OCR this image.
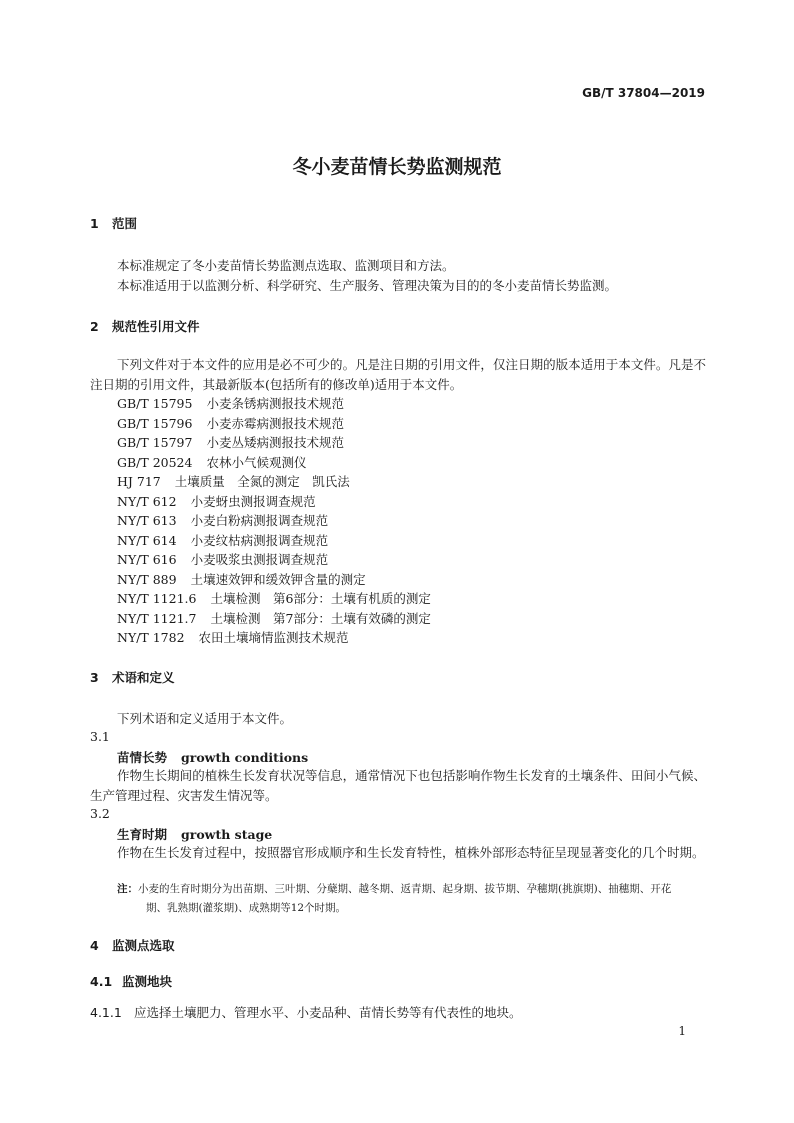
GB/T 37804—2019
冬小麦苗情长势监测规范
1 范围
本标准规定了冬小麦苗情长势监测点选取、监测项目和方法。
本标准适用于以监测分析、科学研究、生产服务、管理决策为目的的冬小麦苗情长势监测。
2 规范性引用文件
下列文件对于本文件的应用是必不可少的。凡是注日期的引用文件，仅注日期的版本适用于本文件。凡是不注日期的引用文件，其最新版本(包括所有的修改单)适用于本文件。
GB/T 15795 小麦条锈病测报技术规范
GB/T 15796 小麦赤霉病测报技术规范
GB/T 15797 小麦丛矮病测报技术规范
GB/T 20524 农林小气候观测仪
HJ 717 土壤质量　全氮的测定　凯氏法
NY/T 612 小麦蚜虫测报调查规范
NY/T 613 小麦白粉病测报调查规范
NY/T 614 小麦纹枯病测报调查规范
NY/T 616 小麦吸浆虫测报调查规范
NY/T 889 土壤速效钾和缓效钾含量的测定
NY/T 1121.6 土壤检测　第6部分：土壤有机质的测定
NY/T 1121.7 土壤检测　第7部分：土壤有效磷的测定
NY/T 1782 农田土壤墒情监测技术规范
3 术语和定义
下列术语和定义适用于本文件。
3.1
苗情长势 growth conditions
作物生长期间的植株生长发育状况等信息，通常情况下也包括影响作物生长发育的土壤条件、田间小气候、生产管理过程、灾害发生情况等。
3.2
生育时期 growth stage
作物在生长发育过程中，按照器官形成顺序和生长发育特性，植株外部形态特征呈现显著变化的几个时期。
注：小麦的生育时期分为出苗期、三叶期、分蘖期、越冬期、返青期、起身期、拔节期、孕穗期(挑旗期)、抽穗期、开花
期、乳熟期(灌浆期)、成熟期等12个时期。
4 监测点选取
4.1 监测地块
4.1.1 应选择土壤肥力、管理水平、小麦品种、苗情长势等有代表性的地块。
1
